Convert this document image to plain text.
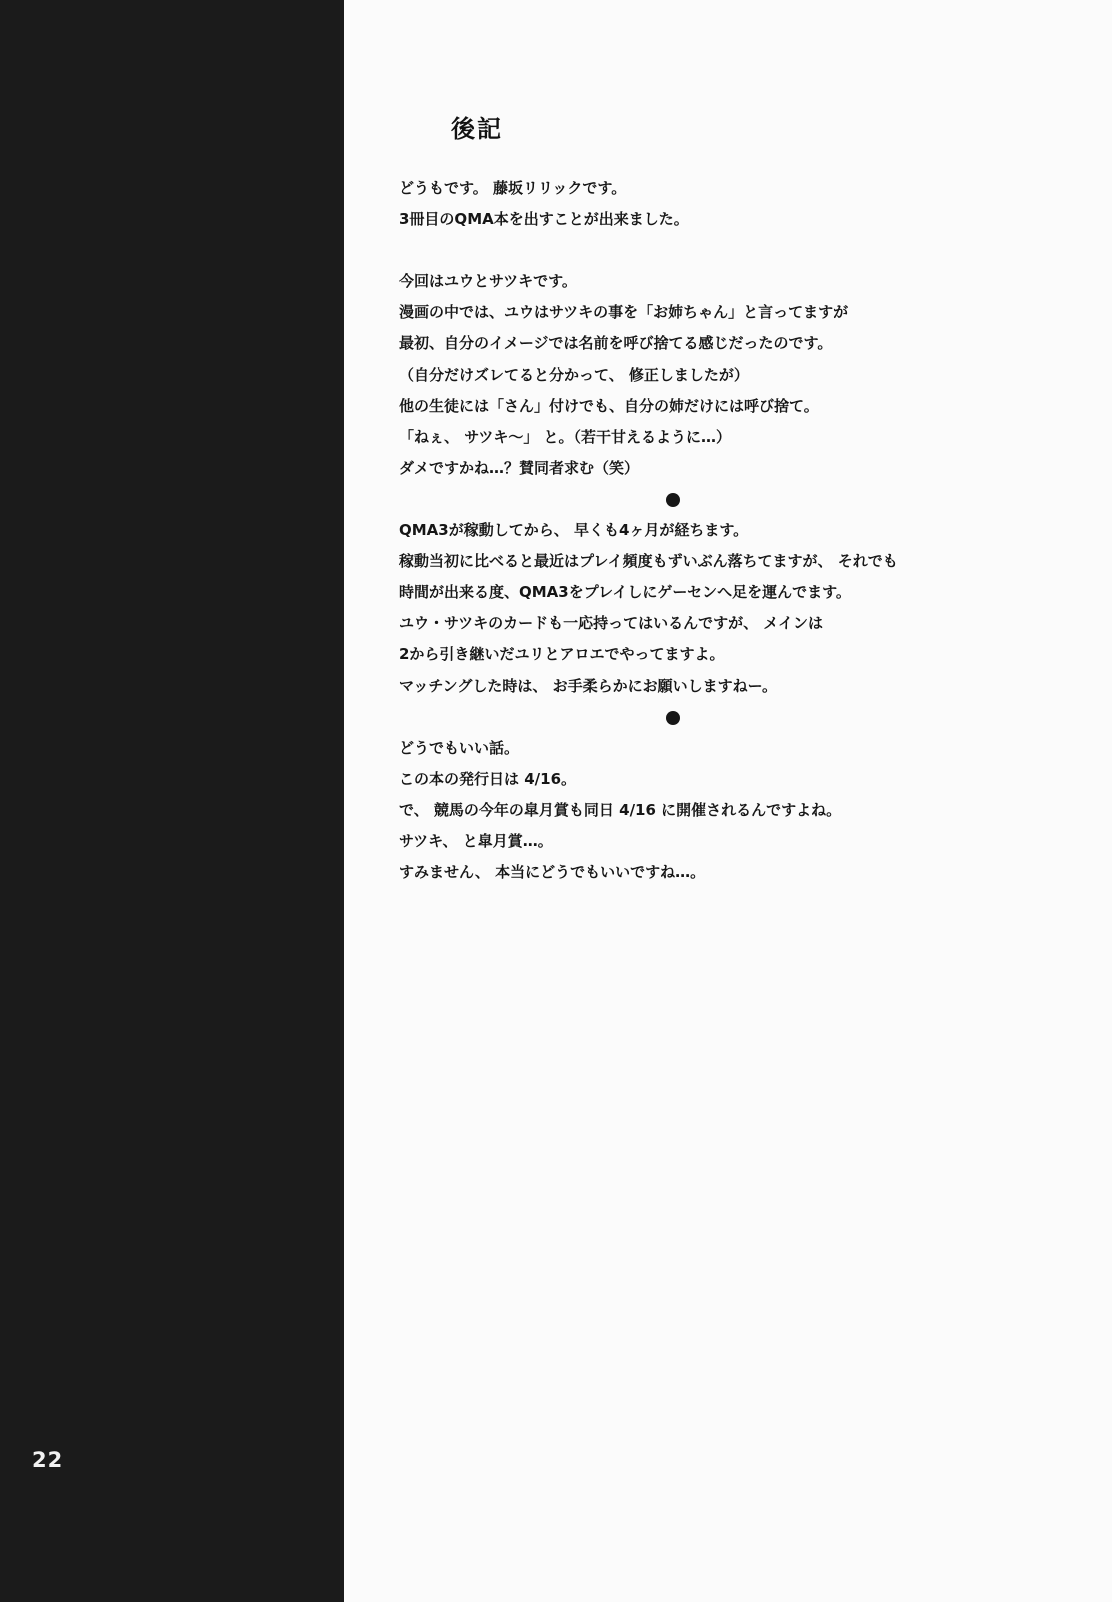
22
後記
どうもです。 藤坂リリックです。
3冊目のQMA本を出すことが出来ました。
今回はユウとサツキです。
漫画の中では、ユウはサツキの事を「お姉ちゃん」と言ってますが
最初、自分のイメージでは名前を呼び捨てる感じだったのです。
（自分だけズレてると分かって、 修正しましたが）
他の生徒には「さん」付けでも、自分の姉だけには呼び捨て。
「ねぇ、 サツキ～」 と。（若干甘えるように…）
ダメですかね…？賛同者求む（笑）
QMA3が稼動してから、 早くも4ヶ月が経ちます。
稼動当初に比べると最近はプレイ頻度もずいぶん落ちてますが、 それでも
時間が出来る度、QMA3をプレイしにゲーセンへ足を運んでます。
ユウ・サツキのカードも一応持ってはいるんですが、 メインは
2から引き継いだユリとアロエでやってますよ。
マッチングした時は、 お手柔らかにお願いしますねー。
どうでもいい話。
この本の発行日は 4/16。
で、 競馬の今年の皐月賞も同日 4/16 に開催されるんですよね。
サツキ、 と皐月賞…。
すみません、 本当にどうでもいいですね…。
